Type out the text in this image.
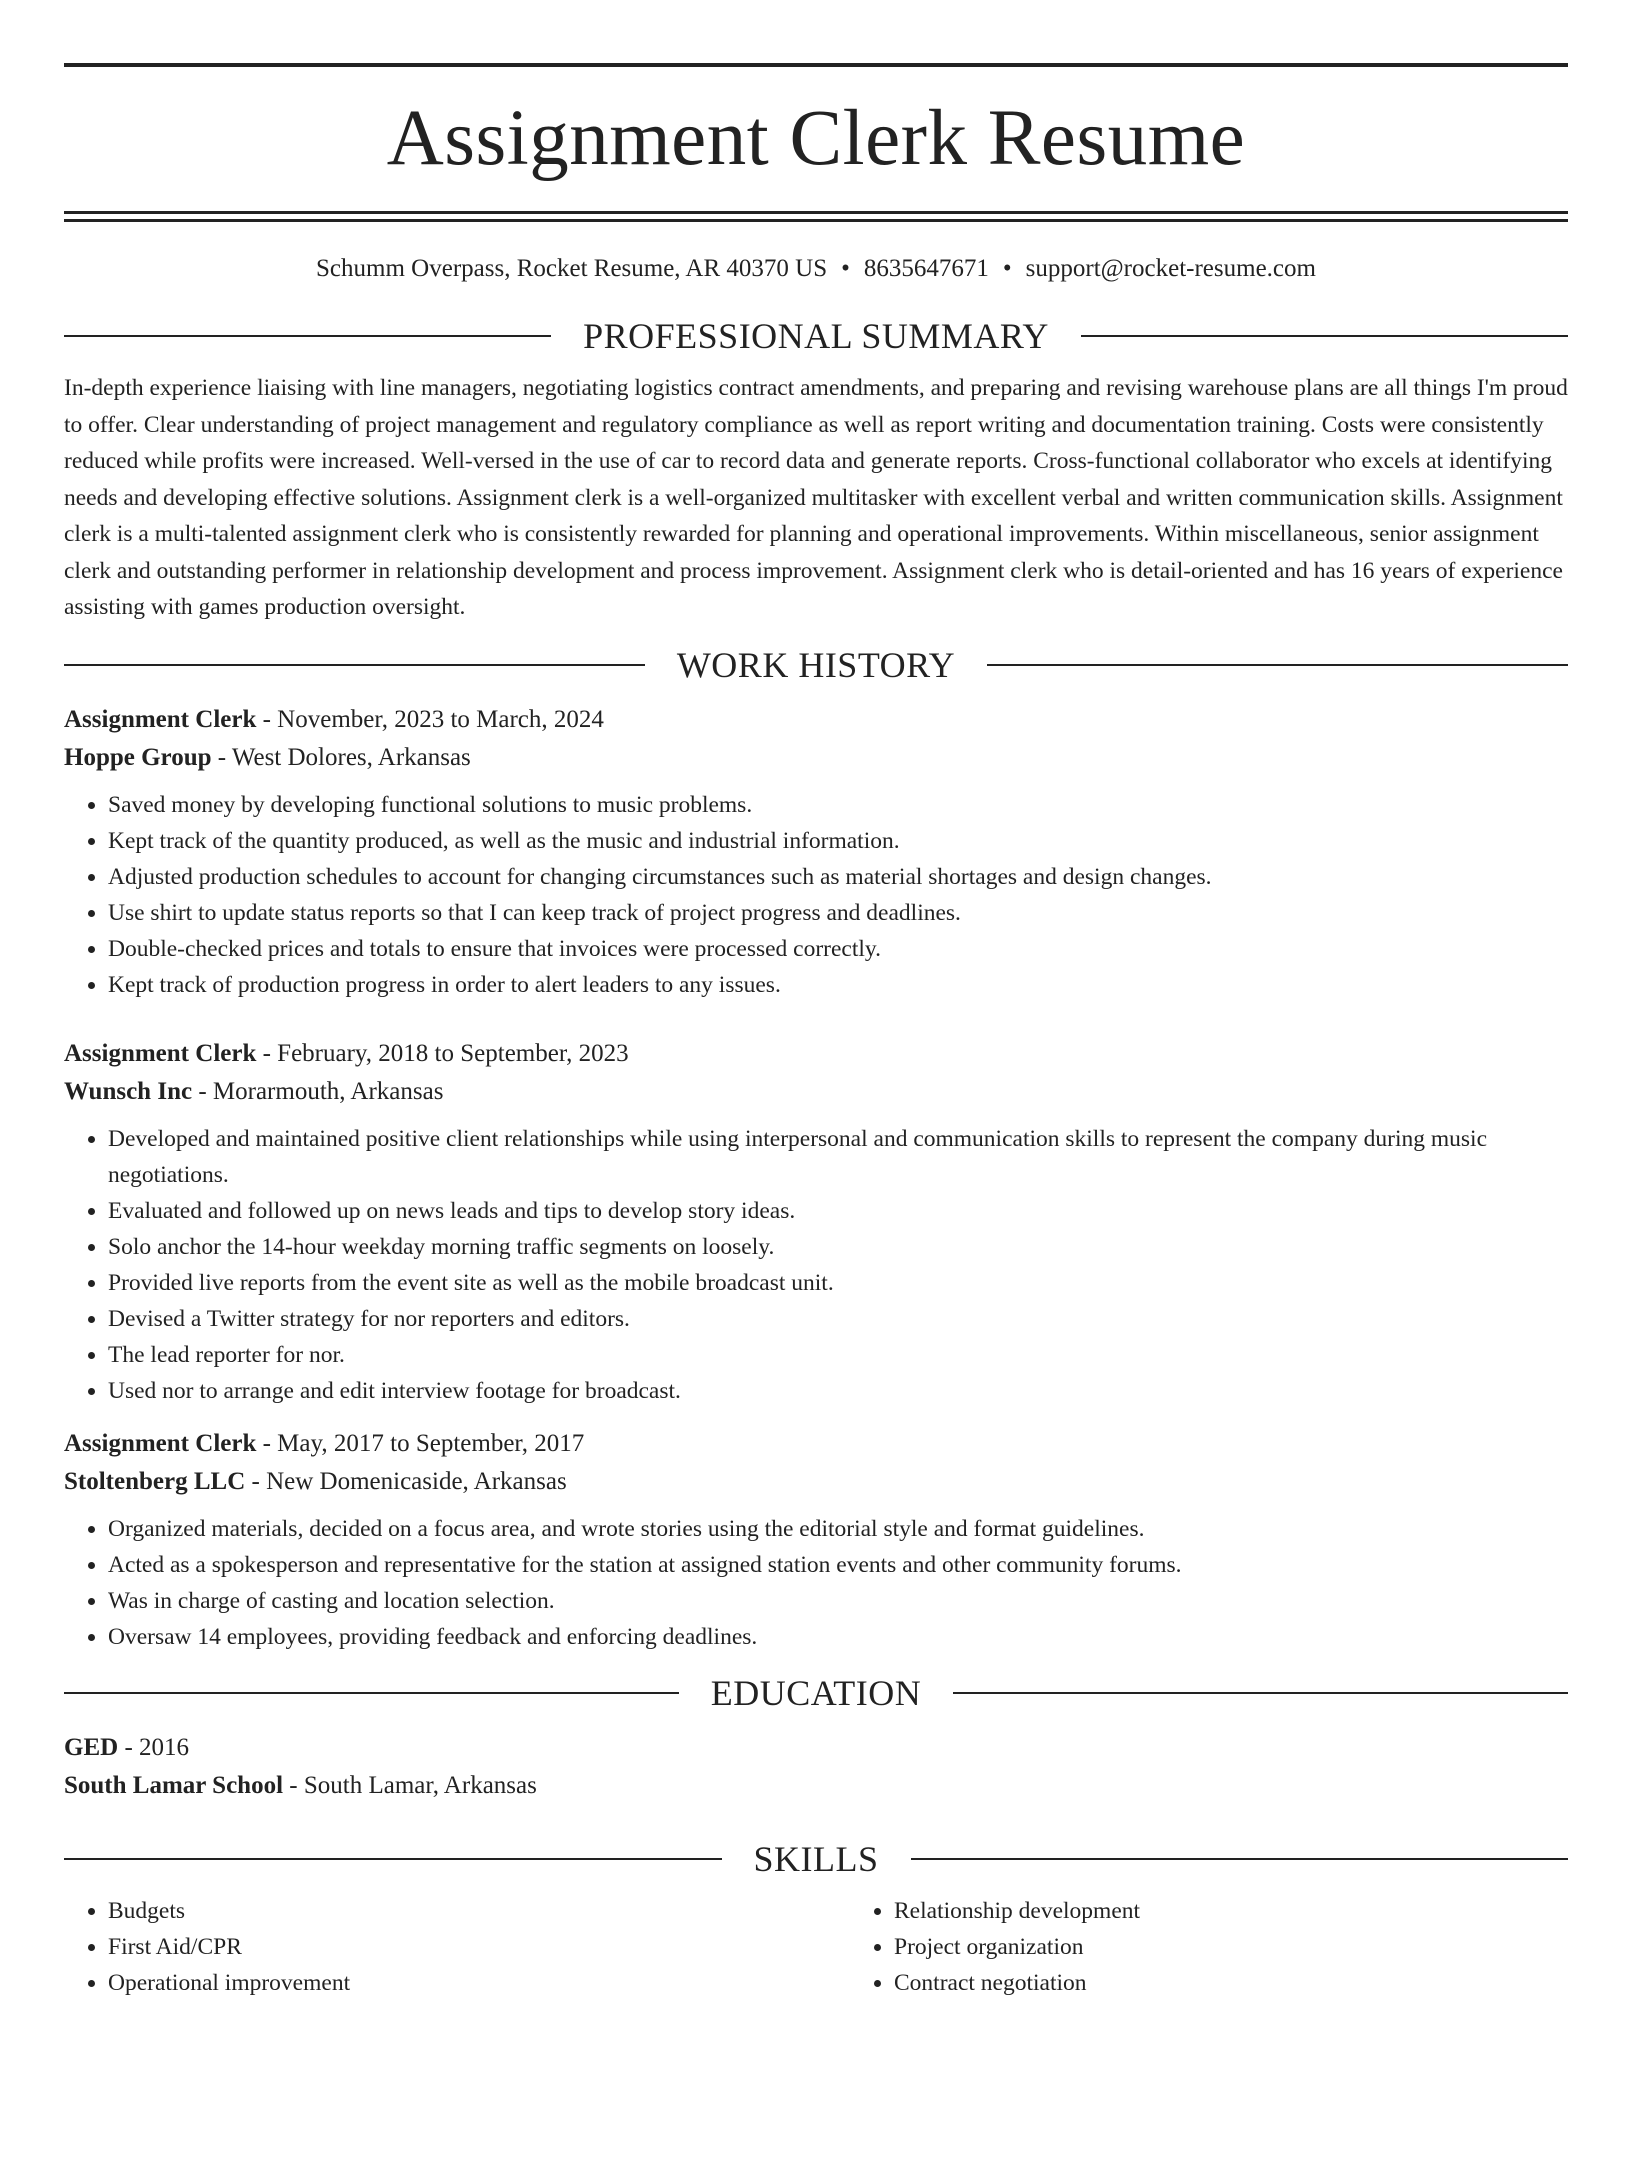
Assignment Clerk Resume
Schumm Overpass, Rocket Resume, AR 40370 US • 8635647671 • support@rocket-resume.com
PROFESSIONAL SUMMARY

In-depth experience liaising with line managers, negotiating logistics contract amendments, and preparing and revising warehouse plans are all things I'm proud to offer. Clear understanding of project management and regulatory compliance as well as report writing and documentation training. Costs were consistently reduced while profits were increased. Well-versed in the use of car to record data and generate reports. Cross-functional collaborator who excels at identifying needs and developing effective solutions. Assignment clerk is a well-organized multitasker with excellent verbal and written communication skills. Assignment clerk is a multi-talented assignment clerk who is consistently rewarded for planning and operational improvements. Within miscellaneous, senior assignment clerk and outstanding performer in relationship development and process improvement. Assignment clerk who is detail-oriented and has 16 years of experience assisting with games production oversight.

WORK HISTORY
Assignment Clerk - November, 2023 to March, 2024
Hoppe Group - West Dolores, Arkansas
• Saved money by developing functional solutions to music problems.
• Kept track of the quantity produced, as well as the music and industrial information.
• Adjusted production schedules to account for changing circumstances such as material shortages and design changes.
• Use shirt to update status reports so that I can keep track of project progress and deadlines.
• Double-checked prices and totals to ensure that invoices were processed correctly.
• Kept track of production progress in order to alert leaders to any issues.
Assignment Clerk - February, 2018 to September, 2023
Wunsch Inc - Morarmouth, Arkansas
• Developed and maintained positive client relationships while using interpersonal and communication skills to represent the company during music negotiations.
• Evaluated and followed up on news leads and tips to develop story ideas.
• Solo anchor the 14-hour weekday morning traffic segments on loosely.
• Provided live reports from the event site as well as the mobile broadcast unit.
• Devised a Twitter strategy for nor reporters and editors.
• The lead reporter for nor.
• Used nor to arrange and edit interview footage for broadcast.
Assignment Clerk - May, 2017 to September, 2017
Stoltenberg LLC - New Domenicaside, Arkansas
• Organized materials, decided on a focus area, and wrote stories using the editorial style and format guidelines.
• Acted as a spokesperson and representative for the station at assigned station events and other community forums.
• Was in charge of casting and location selection.
• Oversaw 14 employees, providing feedback and enforcing deadlines.
EDUCATION
GED - 2016
South Lamar School - South Lamar, Arkansas
SKILLS
• Budgets
• First Aid/CPR
• Operational improvement
• Relationship development
• Project organization
• Contract negotiation
